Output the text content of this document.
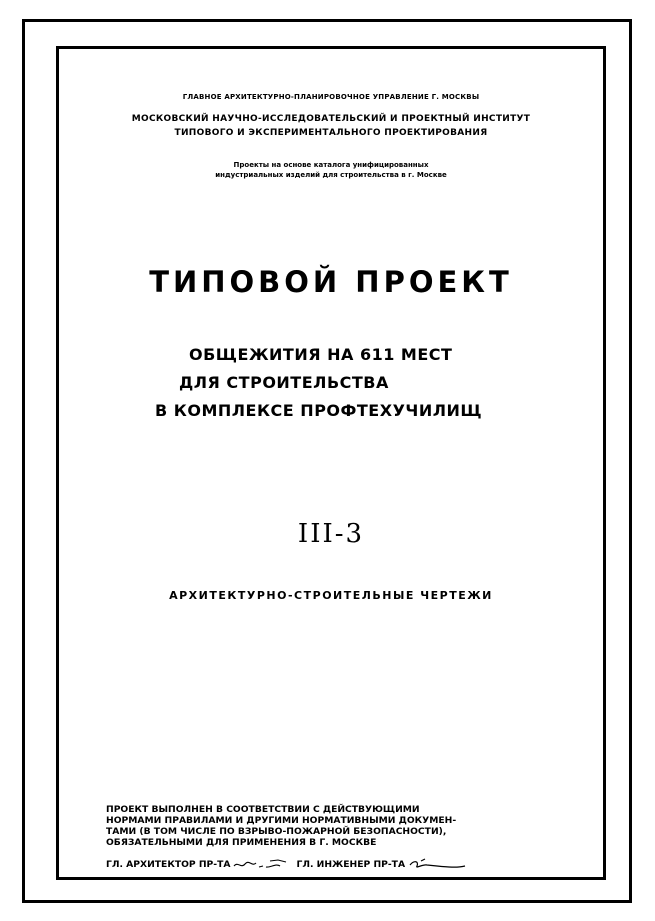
ГЛАВНОЕ АРХИТЕКТУРНО-ПЛАНИРОВОЧНОЕ УПРАВЛЕНИЕ Г. МОСКВЫ
МОСКОВСКИЙ НАУЧНО-ИССЛЕДОВАТЕЛЬСКИЙ И ПРОЕКТНЫЙ ИНСТИТУТ
ТИПОВОГО И ЭКСПЕРИМЕНТАЛЬНОГО ПРОЕКТИРОВАНИЯ
Проекты на основе каталога унифицированных
индустриальных изделий для строительства в г. Москве
ТИПОВОЙ ПРОЕКТ
ОБЩЕЖИТИЯ НА 611 МЕСТ
ДЛЯ СТРОИТЕЛЬСТВА
В КОМПЛЕКСЕ ПРОФТЕХУЧИЛИЩ
III-3
АРХИТЕКТУРНО-СТРОИТЕЛЬНЫЕ ЧЕРТЕЖИ
ПРОЕКТ ВЫПОЛНЕН В СООТВЕТСТВИИ С ДЕЙСТВУЮЩИМИ
НОРМАМИ ПРАВИЛАМИ И ДРУГИМИ НОРМАТИВНЫМИ ДОКУМЕН-
ТАМИ (В ТОМ ЧИСЛЕ ПО ВЗРЫВО-ПОЖАРНОЙ БЕЗОПАСНОСТИ),
ОБЯЗАТЕЛЬНЫМИ ДЛЯ ПРИМЕНЕНИЯ В Г. МОСКВЕ
ГЛ. АРХИТЕКТОР ПР-ТА	ГЛ. ИНЖЕНЕР ПР-ТА
